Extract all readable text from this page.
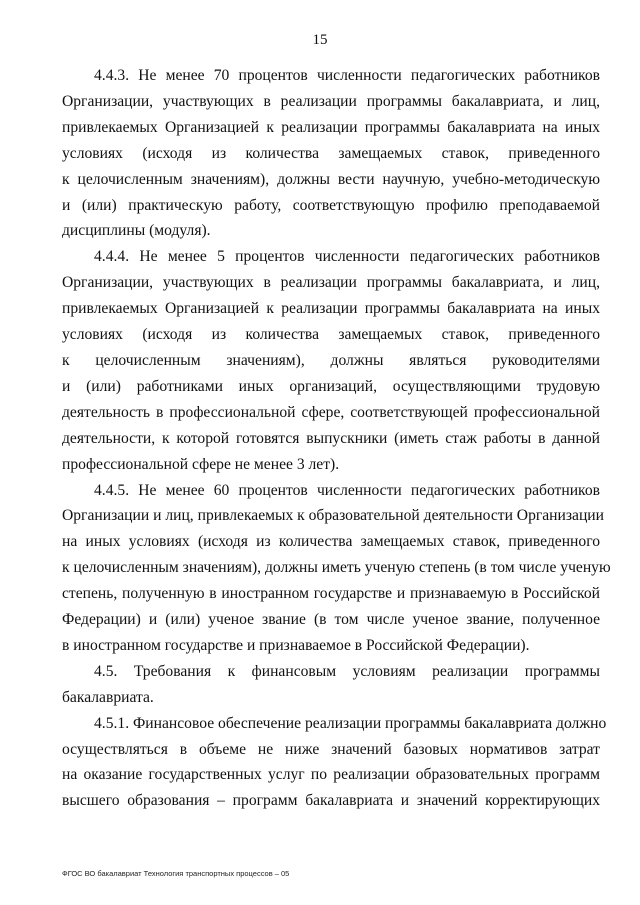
15
4.4.3. Не менее 70 процентов численности педагогических работников
Организации, участвующих в реализации программы бакалавриата, и лиц,
привлекаемых Организацией к реализации программы бакалавриата на иных
условиях (исходя из количества замещаемых ставок, приведенного
к целочисленным значениям), должны вести научную, учебно-методическую
и (или) практическую работу, соответствующую профилю преподаваемой
дисциплины (модуля).
4.4.4. Не менее 5 процентов численности педагогических работников
Организации, участвующих в реализации программы бакалавриата, и лиц,
привлекаемых Организацией к реализации программы бакалавриата на иных
условиях (исходя из количества замещаемых ставок, приведенного
к целочисленным значениям), должны являться руководителями
и (или) работниками иных организаций, осуществляющими трудовую
деятельность в профессиональной сфере, соответствующей профессиональной
деятельности, к которой готовятся выпускники (иметь стаж работы в данной
профессиональной сфере не менее 3 лет).
4.4.5. Не менее 60 процентов численности педагогических работников
Организации и лиц, привлекаемых к образовательной деятельности Организации
на иных условиях (исходя из количества замещаемых ставок, приведенного
к целочисленным значениям), должны иметь ученую степень (в том числе ученую
степень, полученную в иностранном государстве и признаваемую в Российской
Федерации) и (или) ученое звание (в том числе ученое звание, полученное
в иностранном государстве и признаваемое в Российской Федерации).
4.5. Требования к финансовым условиям реализации программы
бакалавриата.
4.5.1. Финансовое обеспечение реализации программы бакалавриата должно
осуществляться в объеме не ниже значений базовых нормативов затрат
на оказание государственных услуг по реализации образовательных программ
высшего образования – программ бакалавриата и значений корректирующих
ФГОС ВО бакалавриат Технология транспортных процессов – 05
